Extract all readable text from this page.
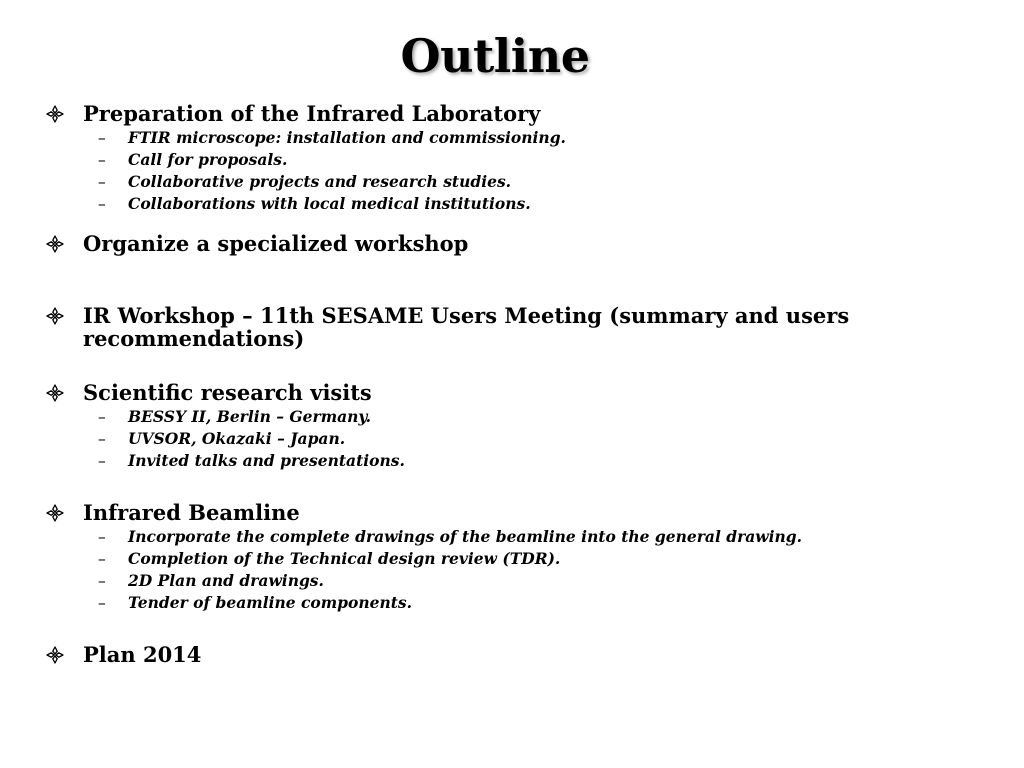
Outline
Preparation of the Infrared Laboratory
– FTIR microscope: installation and commissioning.
– Call for proposals.
– Collaborative projects and research studies.
– Collaborations with local medical institutions.
Organize a specialized workshop
IR Workshop – 11th SESAME Users Meeting (summary and users recommendations)
Scientific research visits
– BESSY II, Berlin – Germany.
– UVSOR, Okazaki – Japan.
– Invited talks and presentations.
Infrared Beamline
– Incorporate the complete drawings of the beamline into the general drawing.
– Completion of the Technical design review (TDR).
– 2D Plan and drawings.
– Tender of beamline components.
Plan 2014
